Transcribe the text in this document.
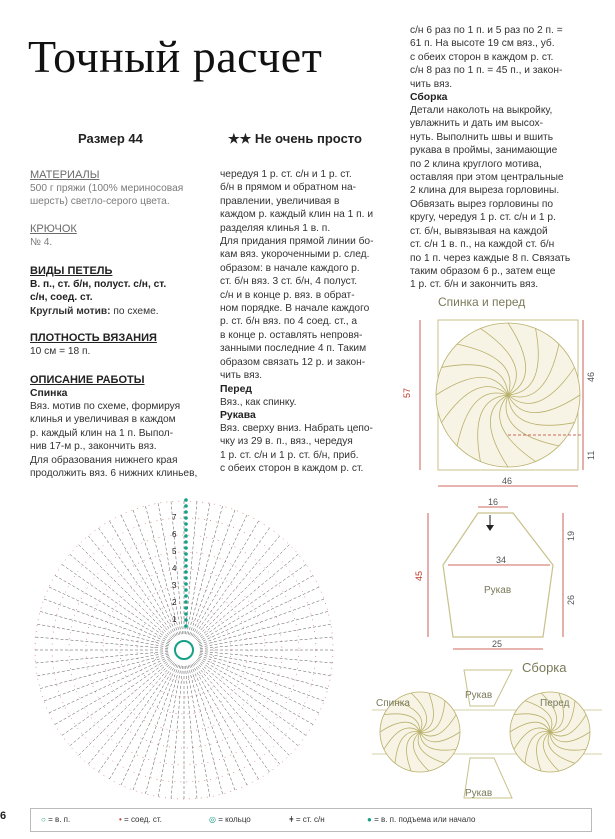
Точный расчет
Размер 44	★★ Не очень просто
МАТЕРИАЛЫ
500 г пряжи (100% мериносовая
шерсть) светло-серого цвета.
КРЮЧОК
№ 4.
ВИДЫ ПЕТЕЛЬ
В. п., ст. б/н, полуст. с/н, ст.
с/н, соед. ст.
Круглый мотив: по схеме.
ПЛОТНОСТЬ ВЯЗАНИЯ
10 см = 18 п.
ОПИСАНИЕ РАБОТЫ
Спинка
Вяз. мотив по схеме, формируя
клинья и увеличивая в каждом
р. каждый клин на 1 п. Выпол-
нив 17-м р., закончить вяз.
Для образования нижнего края
продолжить вяз. 6 нижних клиньев,
чередуя 1 р. ст. с/н и 1 р. ст.
б/н в прямом и обратном на-
правлении, увеличивая в
каждом р. каждый клин на 1 п. и
разделяя клинья 1 в. п.
Для придания прямой линии бо-
кам вяз. укороченными р. след.
образом: в начале каждого р.
ст. б/н вяз. 3 ст. б/н, 4 полуст.
с/н и в конце р. вяз. в обрат-
ном порядке. В начале каждого
р. ст. б/н вяз. по 4 соед. ст., а
в конце р. оставлять непровя-
занными последние 4 п. Таким
образом связать 12 р. и закон-
чить вяз.
Перед
Вяз., как спинку.
Рукава
Вяз. сверху вниз. Набрать цепо-
чку из 29 в. п., вяз., чередуя
1 р. ст. с/н и 1 р. ст. б/н, приб.
с обеих сторон в каждом р. ст.
с/н 6 раз по 1 п. и 5 раз по 2 п. =
61 п. На высоте 19 см вяз., уб.
с обеих сторон в каждом р. ст.
с/н 8 раз по 1 п. = 45 п., и закон-
чить вяз.
Сборка
Детали наколоть на выкройку,
увлажнить и дать им высох-
нуть. Выполнить швы и вшить
рукава в проймы, занимающие
по 2 клина круглого мотива,
оставляя при этом центральные
2 клина для выреза горловины.
Обвязать вырез горловины по
кругу, чередуя 1 р. ст. с/н и 1 р.
ст. б/н, вывязывая на каждой
ст. с/н 1 в. п., на каждой ст. б/н
по 1 п. через каждые 8 п. Связать
таким образом 6 р., затем еще
1 р. ст. б/н и закончить вяз.
1
2
3
4
5
6
7
Спинка и перед
57
46
11
46
16
34
Рукав
45
19
26
25
Сборка
Рукав
Рукав
Спинка	Перед
6	○ = в. п.	• = соед. ст.	◎ = кольцо	ǂ = ст. с/н	● = в. п. подъема или начало
